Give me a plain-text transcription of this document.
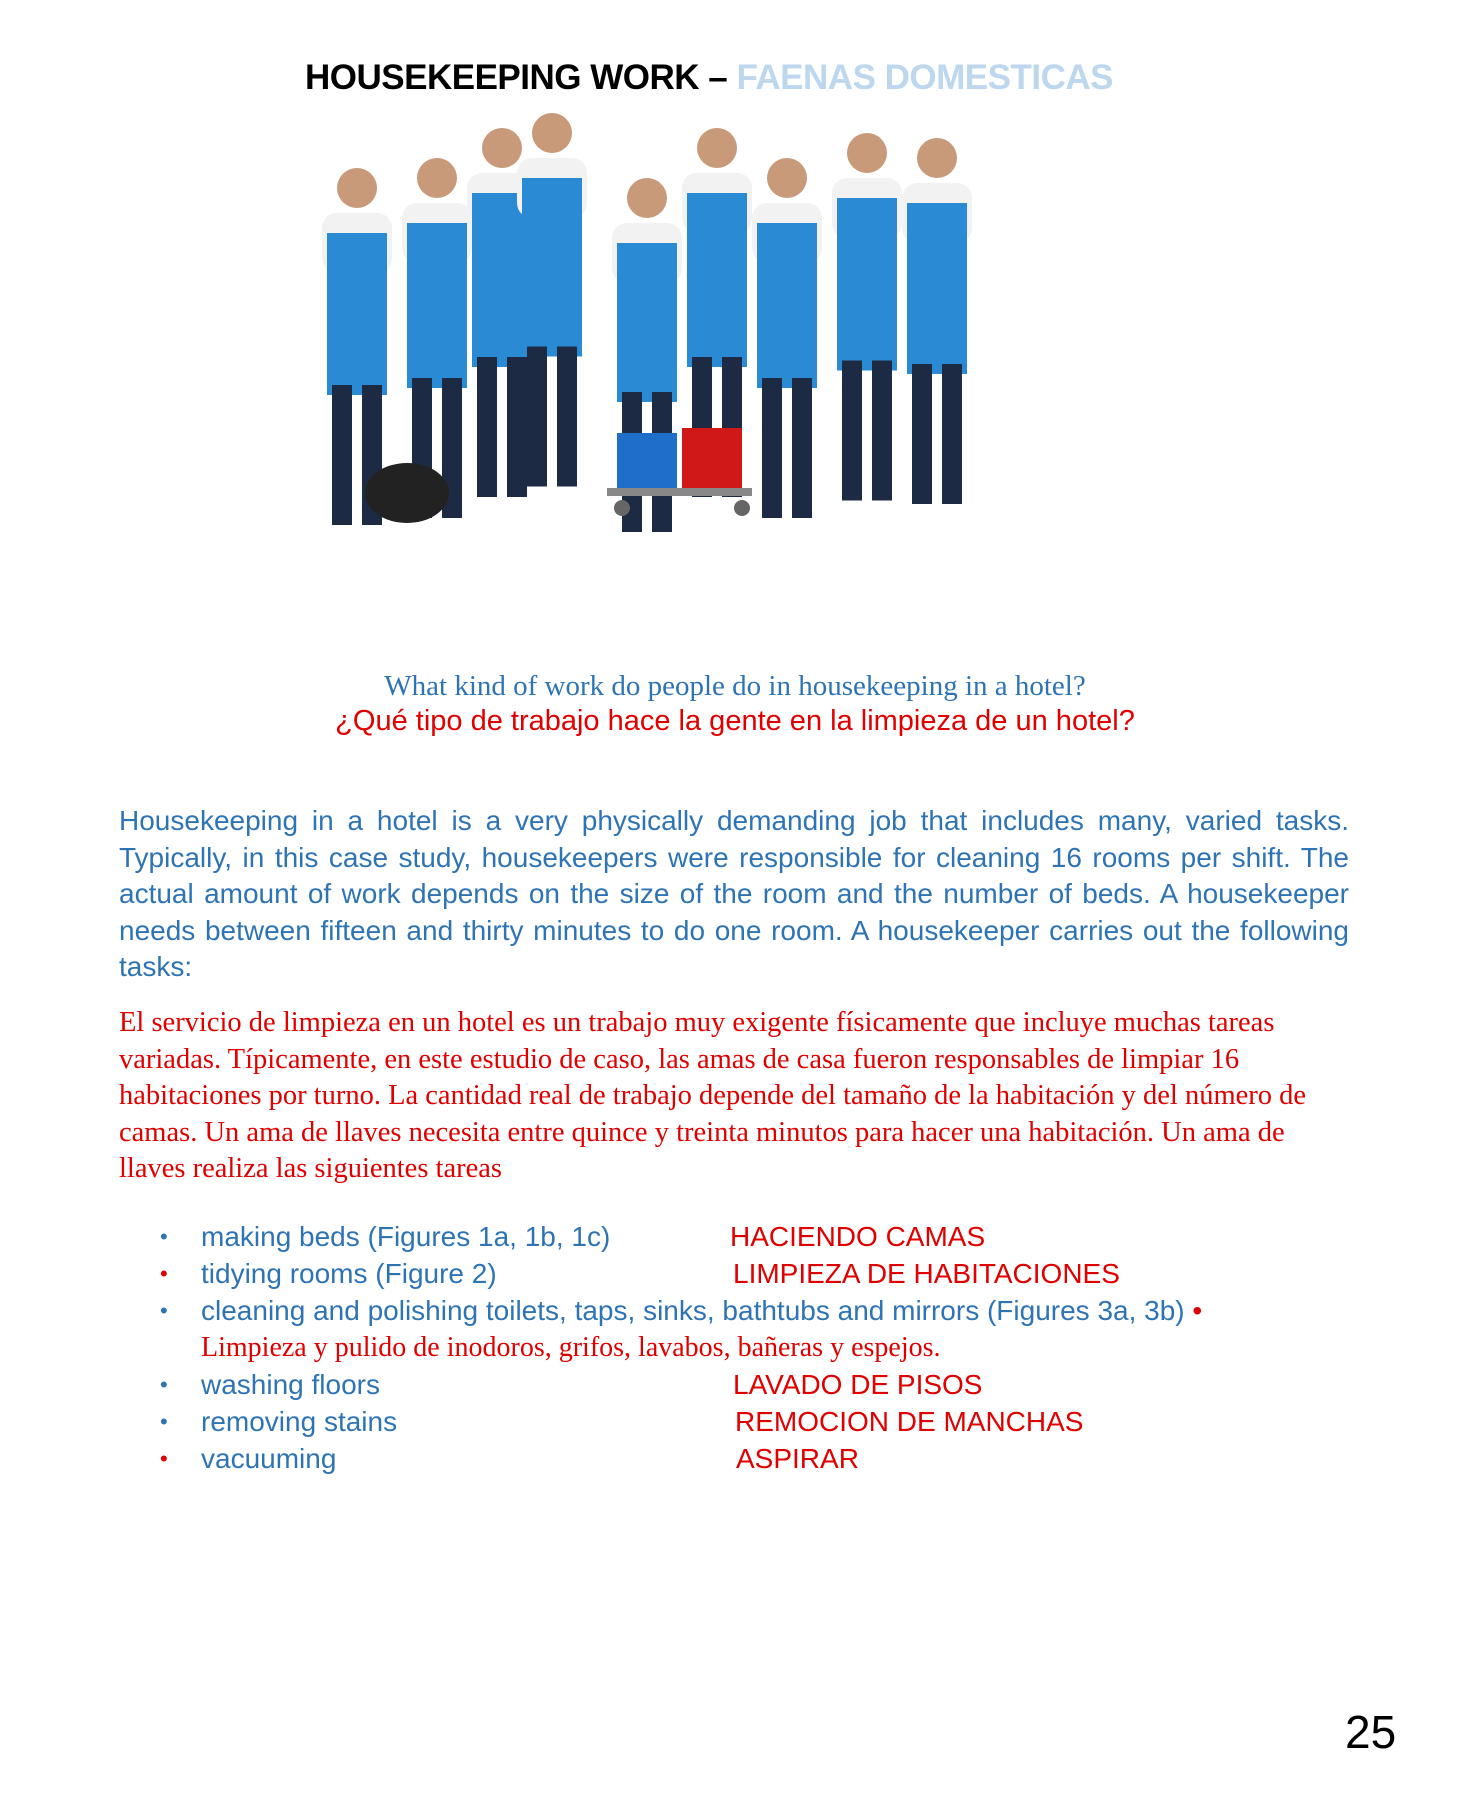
HOUSEKEEPING WORK – FAENAS DOMESTICAS
What kind of work do people do in housekeeping in a hotel?
¿Qué tipo de trabajo hace la gente en la limpieza de un hotel?
Housekeeping in a hotel is a very physically demanding job that includes many, varied tasks. Typically, in this case study, housekeepers were responsible for cleaning 16 rooms per shift. The actual amount of work depends on the size of the room and the number of beds. A housekeeper needs between fifteen and thirty minutes to do one room. A housekeeper carries out the following tasks:
El servicio de limpieza en un hotel es un trabajo muy exigente físicamente que incluye muchas tareas variadas. Típicamente, en este estudio de caso, las amas de casa fueron responsables de limpiar 16 habitaciones por turno. La cantidad real de trabajo depende del tamaño de la habitación y del número de camas. Un ama de llaves necesita entre quince y treinta minutos para hacer una habitación. Un ama de llaves realiza las siguientes tareas
• making beds (Figures 1a, 1b, 1c)	HACIENDO CAMAS
• tidying rooms (Figure 2)	LIMPIEZA DE HABITACIONES
• cleaning and polishing toilets, taps, sinks, bathtubs and mirrors (Figures 3a, 3b) •
Limpieza y pulido de inodoros, grifos, lavabos, bañeras y espejos.
• washing floors	LAVADO DE PISOS
• removing stains	REMOCION DE MANCHAS
• vacuuming	ASPIRAR
25
